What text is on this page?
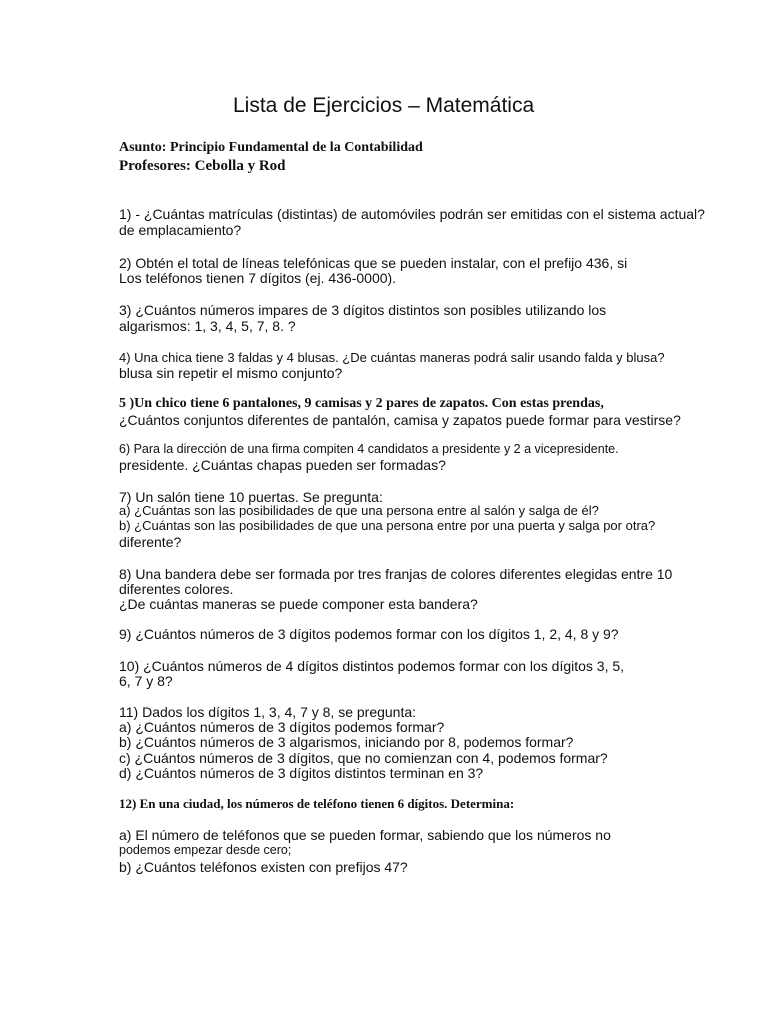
Lista de Ejercicios – Matemática
Asunto: Principio Fundamental de la Contabilidad
Profesores: Cebolla y Rod
1) - ¿Cuántas matrículas (distintas) de automóviles podrán ser emitidas con el sistema actual?
de emplacamiento?
2) Obtén el total de líneas telefónicas que se pueden instalar, con el prefijo 436, si
Los teléfonos tienen 7 dígitos (ej. 436-0000).
3) ¿Cuántos números impares de 3 dígitos distintos son posibles utilizando los
algarismos: 1, 3, 4, 5, 7, 8. ?
4) Una chica tiene 3 faldas y 4 blusas. ¿De cuántas maneras podrá salir usando falda y blusa?
blusa sin repetir el mismo conjunto?
5 )Un chico tiene 6 pantalones, 9 camisas y 2 pares de zapatos. Con estas prendas,
¿Cuántos conjuntos diferentes de pantalón, camisa y zapatos puede formar para vestirse?
6) Para la dirección de una firma compiten 4 candidatos a presidente y 2 a vicepresidente.
presidente. ¿Cuántas chapas pueden ser formadas?
7) Un salón tiene 10 puertas. Se pregunta:
a) ¿Cuántas son las posibilidades de que una persona entre al salón y salga de él?
b) ¿Cuántas son las posibilidades de que una persona entre por una puerta y salga por otra?
diferente?
8) Una bandera debe ser formada por tres franjas de colores diferentes elegidas entre 10
diferentes colores.
¿De cuántas maneras se puede componer esta bandera?
9) ¿Cuántos números de 3 dígitos podemos formar con los dígitos 1, 2, 4, 8 y 9?
10) ¿Cuántos números de 4 dígitos distintos podemos formar con los dígitos 3, 5,
6, 7 y 8?
11) Dados los dígitos 1, 3, 4, 7 y 8, se pregunta:
a) ¿Cuántos números de 3 dígitos podemos formar?
b) ¿Cuántos números de 3 algarismos, iniciando por 8, podemos formar?
c) ¿Cuántos números de 3 dígitos, que no comienzan con 4, podemos formar?
d) ¿Cuántos números de 3 dígitos distintos terminan en 3?
12) En una ciudad, los números de teléfono tienen 6 dígitos. Determina:
a) El número de teléfonos que se pueden formar, sabiendo que los números no
podemos empezar desde cero;
b) ¿Cuántos teléfonos existen con prefijos 47?
